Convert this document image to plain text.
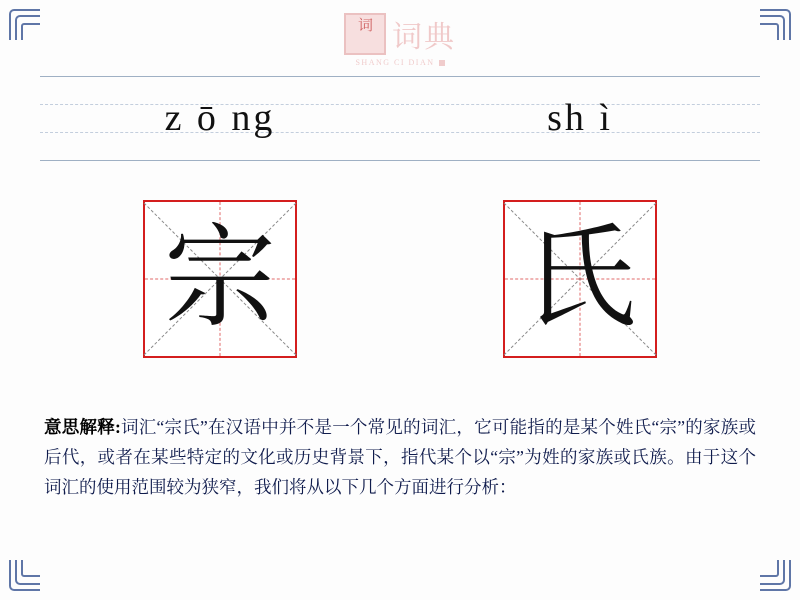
词 词典
SHANG CI DIAN
z ō ng	sh ì
宗 氏
意思解释:词汇“宗氏”在汉语中并不是一个常见的词汇，它可能指的是某个姓氏“宗”的家族或后代，或者在某些特定的文化或历史背景下，指代某个以“宗”为姓的家族或氏族。由于这个词汇的使用范围较为狭窄，我们将从以下几个方面进行分析：
